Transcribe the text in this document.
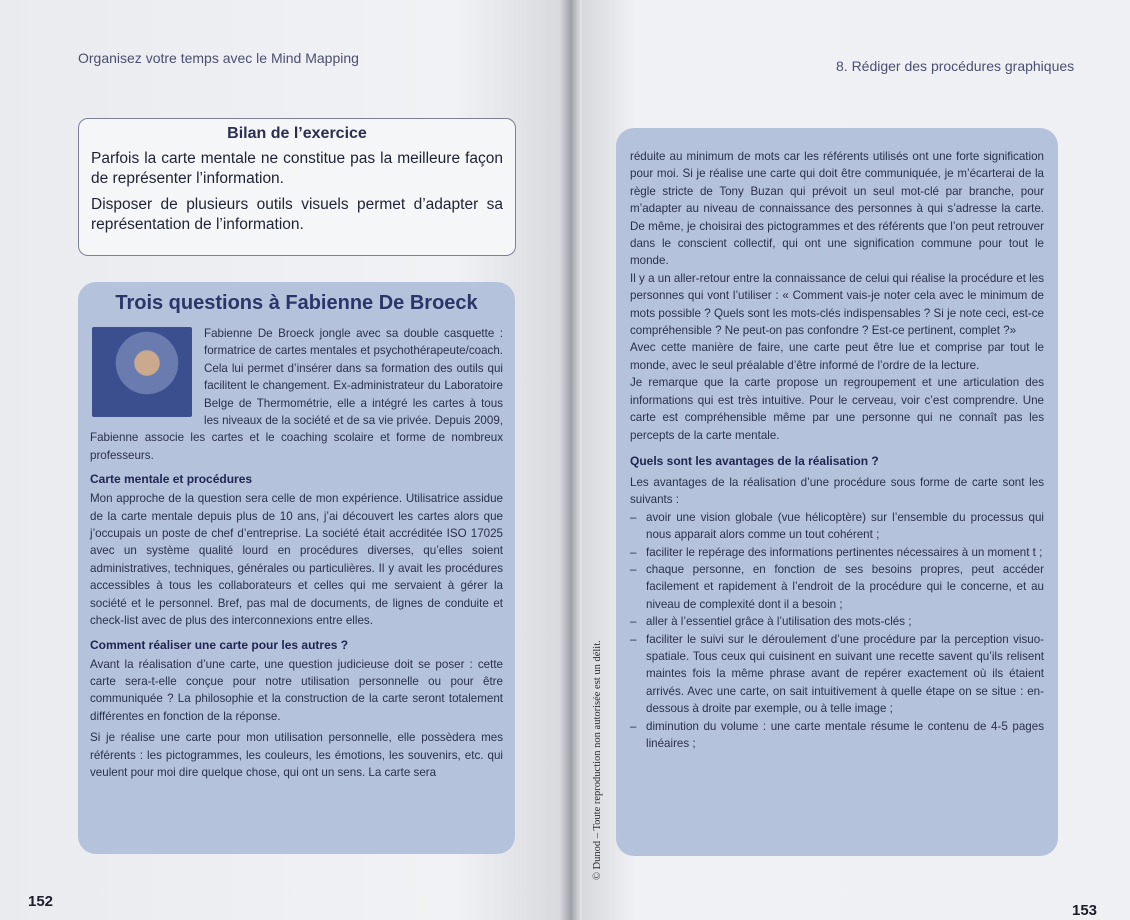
Organisez votre temps avec le Mind Mapping
Bilan de l’exercice

Parfois la carte mentale ne constitue pas la meilleure façon de représenter l’information.

Disposer de plusieurs outils visuels permet d’adapter sa représentation de l’information.

Trois questions à Fabienne De Broeck

Fabienne De Broeck jongle avec sa double casquette : formatrice de cartes mentales et psychothérapeute/coach. Cela lui permet d’insérer dans sa formation des outils qui facilitent le changement. Ex-administrateur du Laboratoire Belge de Thermométrie, elle a intégré les cartes à tous les niveaux de la société et de sa vie privée. Depuis 2009, Fabienne associe les cartes et le coaching scolaire et forme de nombreux professeurs.

Carte mentale et procédures

Mon approche de la question sera celle de mon expérience. Utilisatrice assidue de la carte mentale depuis plus de 10 ans, j’ai découvert les cartes alors que j’occupais un poste de chef d’entreprise. La société était accréditée ISO 17025 avec un système qualité lourd en procédures diverses, qu’elles soient administratives, techniques, générales ou particulières. Il y avait les procédures accessibles à tous les collaborateurs et celles qui me servaient à gérer la société et le personnel. Bref, pas mal de documents, de lignes de conduite et check-list avec de plus des interconnexions entre elles.

Comment réaliser une carte pour les autres ?

Avant la réalisation d’une carte, une question judicieuse doit se poser : cette carte sera-t-elle conçue pour notre utilisation personnelle ou pour être communiquée ? La philosophie et la construction de la carte seront totalement différentes en fonction de la réponse.

Si je réalise une carte pour mon utilisation personnelle, elle possèdera mes référents : les pictogrammes, les couleurs, les émotions, les souvenirs, etc. qui veulent pour moi dire quelque chose, qui ont un sens. La carte sera

152
153
8. Rédiger des procédures graphiques

réduite au minimum de mots car les référents utilisés ont une forte signification pour moi. Si je réalise une carte qui doit être communiquée, je m’écarterai de la règle stricte de Tony Buzan qui prévoit un seul mot-clé par branche, pour m’adapter au niveau de connaissance des personnes à qui s’adresse la carte. De même, je choisirai des pictogrammes et des référents que l’on peut retrouver dans le conscient collectif, qui ont une signification commune pour tout le monde.

Il y a un aller-retour entre la connaissance de celui qui réalise la procédure et les personnes qui vont l’utiliser : « Comment vais-je noter cela avec le minimum de mots possible ? Quels sont les mots-clés indispensables ? Si je note ceci, est-ce compréhensible ? Ne peut-on pas confondre ? Est-ce pertinent, complet ?»

Avec cette manière de faire, une carte peut être lue et comprise par tout le monde, avec le seul préalable d’être informé de l’ordre de la lecture.

Je remarque que la carte propose un regroupement et une articulation des informations qui est très intuitive. Pour le cerveau, voir c’est comprendre. Une carte est compréhensible même par une personne qui ne connaît pas les percepts de la carte mentale.

Quels sont les avantages de la réalisation ?

Les avantages de la réalisation d’une procédure sous forme de carte sont les suivants :

– avoir une vision globale (vue hélicoptère) sur l’ensemble du processus qui nous apparait alors comme un tout cohérent ;
– faciliter le repérage des informations pertinentes nécessaires à un moment t ;
– chaque personne, en fonction de ses besoins propres, peut accéder facilement et rapidement à l’endroit de la procédure qui le concerne, et au niveau de complexité dont il a besoin ;
– aller à l’essentiel grâce à l’utilisation des mots-clés ;
– faciliter le suivi sur le déroulement d’une procédure par la perception visuo-spatiale. Tous ceux qui cuisinent en suivant une recette savent qu’ils relisent maintes fois la même phrase avant de repérer exactement où ils étaient arrivés. Avec une carte, on sait intuitivement à quelle étape on se situe : en-dessous à droite par exemple, ou à telle image ;
– diminution du volume : une carte mentale résume le contenu de 4-5 pages linéaires ;
© Dunod – Toute reproduction non autorisée est un délit.
